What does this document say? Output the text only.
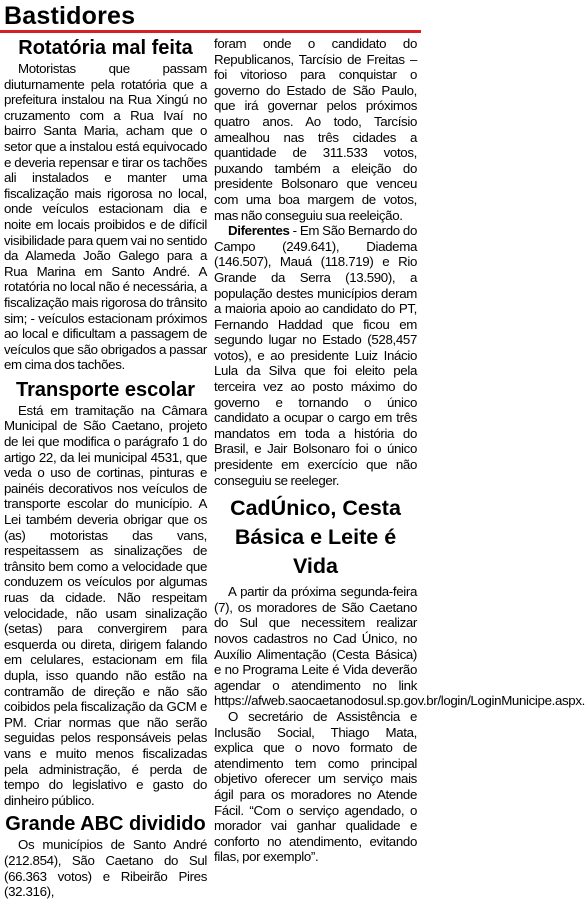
Bastidores
Rotatória mal feita

Motoristas que passam diuturnamente pela rotatória que a prefeitura instalou na Rua Xingú no cruzamento com a Rua Ivaí no bairro Santa Maria, acham que o setor que a instalou está equivocado e deveria repensar e tirar os tachões ali instalados e manter uma fiscalização mais rigorosa no local, onde veículos estacionam dia e noite em locais proibidos e de difícil visibilidade para quem vai no sentido da Alameda João Galego para a Rua Marina em Santo André. A rotatória no local não é necessária, a fiscalização mais rigorosa do trânsito sim; - veículos estacionam próximos ao local e dificultam a passagem de veículos que são obrigados a passar em cima dos tachões.

Transporte escolar

Está em tramitação na Câmara Municipal de São Caetano, projeto de lei que modifica o parágrafo 1 do artigo 22, da lei municipal 4531, que veda o uso de cortinas, pinturas e painéis decorativos nos veículos de transporte escolar do município. A Lei também deveria obrigar que os (as) motoristas das vans, respeitassem as sinalizações de trânsito bem como a velocidade que conduzem os veículos por algumas ruas da cidade. Não respeitam velocidade, não usam sinalização (setas) para convergirem para esquerda ou direta, dirigem falando em celulares, estacionam em fila dupla, isso quando não estão na contramão de direção e não são coibidos pela fiscalização da GCM e PM. Criar normas que não serão seguidas pelos responsáveis pelas vans e muito menos fiscalizadas pela administração, é perda de tempo do legislativo e gasto do dinheiro público.

Grande ABC dividido

Os municípios de Santo André (212.854), São Caetano do Sul (66.363 votos) e Ribeirão Pires (32.316),

foram onde o candidato do Republicanos, Tarcísio de Freitas – foi vitorioso para conquistar o governo do Estado de São Paulo, que irá governar pelos próximos quatro anos. Ao todo, Tarcísio amealhou nas três cidades a quantidade de 311.533 votos, puxando também a eleição do presidente Bolsonaro que venceu com uma boa margem de votos, mas não conseguiu sua reeleição.

Diferentes - Em São Bernardo do Campo (249.641), Diadema (146.507), Mauá (118.719) e Rio Grande da Serra (13.590), a população destes municípios deram a maioria apoio ao candidato do PT, Fernando Haddad que ficou em segundo lugar no Estado (528,457 votos), e ao presidente Luiz Inácio Lula da Silva que foi eleito pela terceira vez ao posto máximo do governo e tornando o único candidato a ocupar o cargo em três mandatos em toda a história do Brasil, e Jair Bolsonaro foi o único presidente em exercício que não conseguiu se reeleger.

CadÚnico, Cesta
Básica e Leite é Vida

A partir da próxima segunda-feira (7), os moradores de São Caetano do Sul que necessitem realizar novos cadastros no Cad Único, no Auxílio Alimentação (Cesta Básica) e no Programa Leite é Vida deverão agendar o atendimento no link https://afweb.saocaetanodosul.sp.gov.br/login/LoginMunicipe.aspx.

O secretário de Assistência e Inclusão Social, Thiago Mata, explica que o novo formato de atendimento tem como principal objetivo oferecer um serviço mais ágil para os moradores no Atende Fácil. “Com o serviço agendado, o morador vai ganhar qualidade e conforto no atendimento, evitando filas, por exemplo”.
